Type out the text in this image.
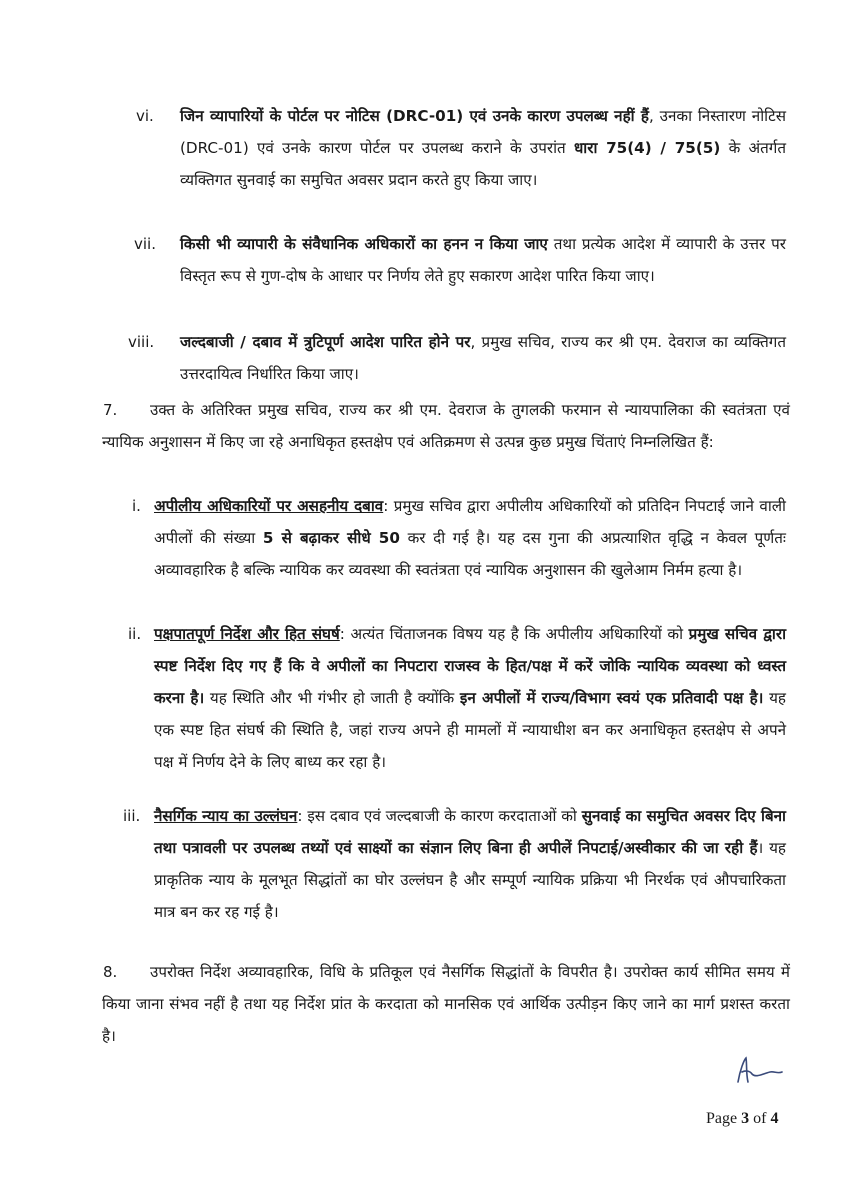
vi. जिन व्यापारियों के पोर्टल पर नोटिस (DRC-01) एवं उनके कारण उपलब्ध नहीं हैं, उनका निस्तारण नोटिस (DRC-01) एवं उनके कारण पोर्टल पर उपलब्ध कराने के उपरांत धारा 75(4) / 75(5) के अंतर्गत व्यक्तिगत सुनवाई का समुचित अवसर प्रदान करते हुए किया जाए।

vii. किसी भी व्यापारी के संवैधानिक अधिकारों का हनन न किया जाए तथा प्रत्येक आदेश में व्यापारी के उत्तर पर विस्तृत रूप से गुण-दोष के आधार पर निर्णय लेते हुए सकारण आदेश पारित किया जाए।

viii. जल्दबाजी / दबाव में त्रुटिपूर्ण आदेश पारित होने पर, प्रमुख सचिव, राज्य कर श्री एम. देवराज का व्यक्तिगत उत्तरदायित्व निर्धारित किया जाए।

7.	उक्त के अतिरिक्त प्रमुख सचिव, राज्य कर श्री एम. देवराज के तुगलकी फरमान से न्यायपालिका की स्वतंत्रता एवं न्यायिक अनुशासन में किए जा रहे अनाधिकृत हस्तक्षेप एवं अतिक्रमण से उत्पन्न कुछ प्रमुख चिंताएं निम्नलिखित हैं:

i. अपीलीय अधिकारियों पर असहनीय दबाव: प्रमुख सचिव द्वारा अपीलीय अधिकारियों को प्रतिदिन निपटाई जाने वाली अपीलों की संख्या 5 से बढ़ाकर सीधे 50 कर दी गई है। यह दस गुना की अप्रत्याशित वृद्धि न केवल पूर्णतः अव्यावहारिक है बल्कि न्यायिक कर व्यवस्था की स्वतंत्रता एवं न्यायिक अनुशासन की खुलेआम निर्मम हत्या है।

ii. पक्षपातपूर्ण निर्देश और हित संघर्ष: अत्यंत चिंताजनक विषय यह है कि अपीलीय अधिकारियों को प्रमुख सचिव द्वारा स्पष्ट निर्देश दिए गए हैं कि वे अपीलों का निपटारा राजस्व के हित/पक्ष में करें जोकि न्यायिक व्यवस्था को ध्वस्त करना है। यह स्थिति और भी गंभीर हो जाती है क्योंकि इन अपीलों में राज्य/विभाग स्वयं एक प्रतिवादी पक्ष है। यह एक स्पष्ट हित संघर्ष की स्थिति है, जहां राज्य अपने ही मामलों में न्यायाधीश बन कर अनाधिकृत हस्तक्षेप से अपने पक्ष में निर्णय देने के लिए बाध्य कर रहा है।

iii. नैसर्गिक न्याय का उल्लंघन: इस दबाव एवं जल्दबाजी के कारण करदाताओं को सुनवाई का समुचित अवसर दिए बिना तथा पत्रावली पर उपलब्ध तथ्यों एवं साक्ष्यों का संज्ञान लिए बिना ही अपीलें निपटाई/अस्वीकार की जा रही हैं। यह प्राकृतिक न्याय के मूलभूत सिद्धांतों का घोर उल्लंघन है और सम्पूर्ण न्यायिक प्रक्रिया भी निरर्थक एवं औपचारिकता मात्र बन कर रह गई है।

8.	उपरोक्त निर्देश अव्यावहारिक, विधि के प्रतिकूल एवं नैसर्गिक सिद्धांतों के विपरीत है। उपरोक्त कार्य सीमित समय में किया जाना संभव नहीं है तथा यह निर्देश प्रांत के करदाता को मानसिक एवं आर्थिक उत्पीड़न किए जाने का मार्ग प्रशस्त करता है।

Page 3 of 4
